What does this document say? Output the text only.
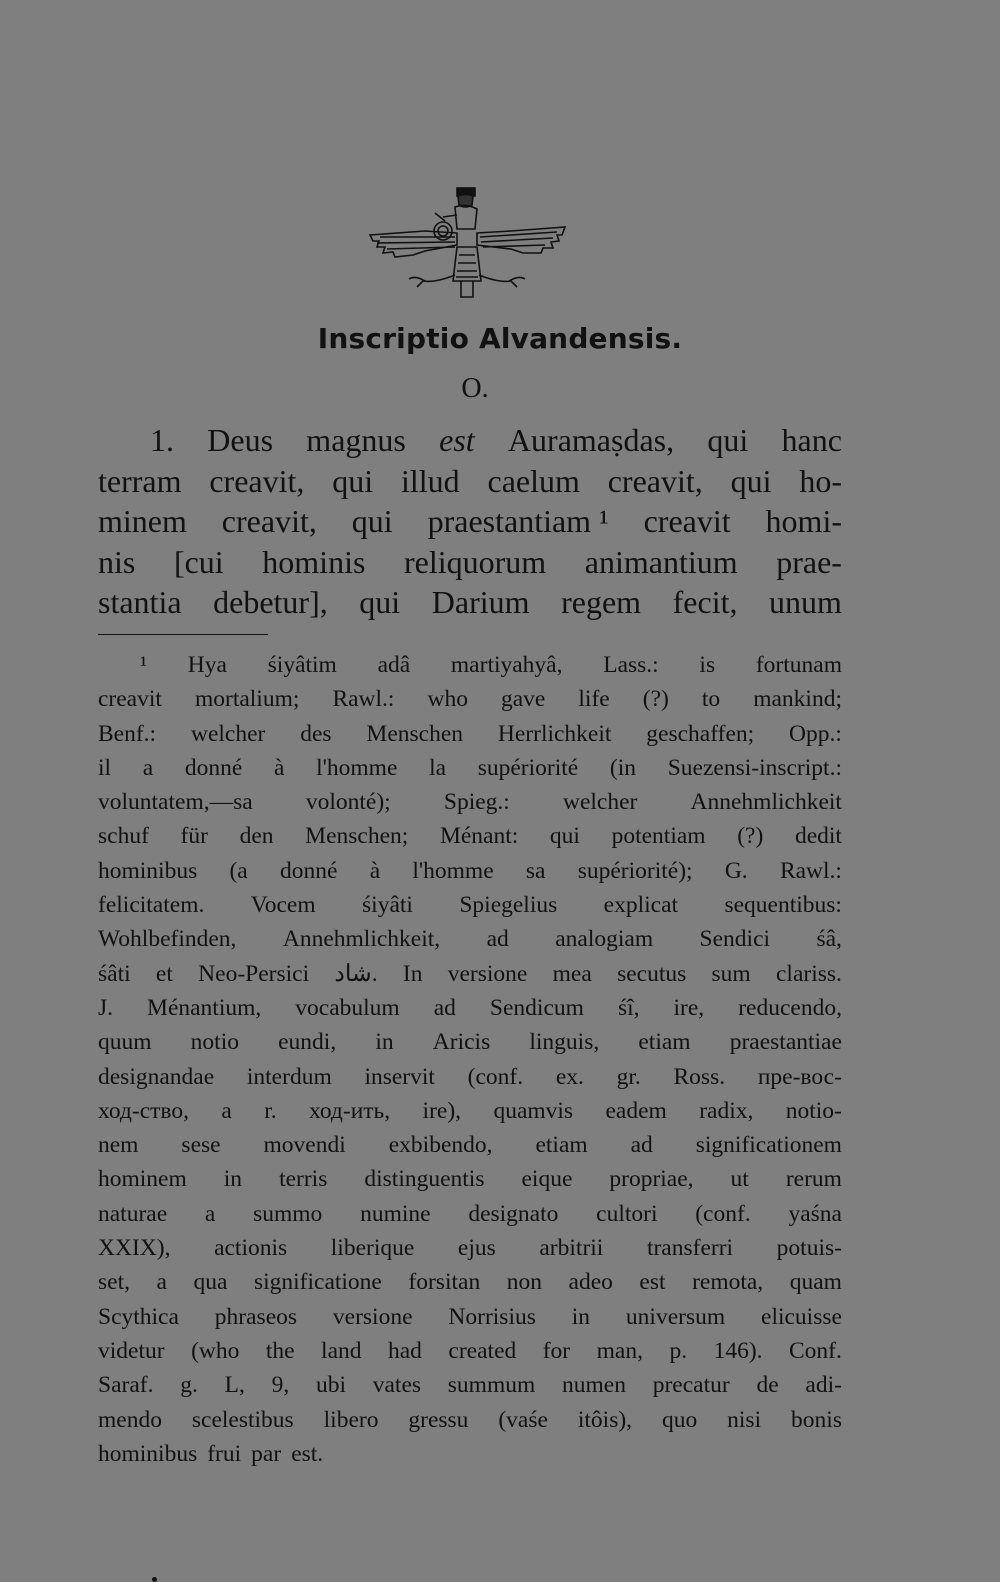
Inscriptio Alvandensis.
O.
1. Deus magnus est Auramaṣdas, qui hanc
terram creavit, qui illud caelum creavit, qui ho-
minem creavit, qui praestantiam ¹ creavit homi-
nis [cui hominis reliquorum animantium prae-
stantia debetur], qui Darium regem fecit, unum
¹ Hya śiyâtim adâ martiyahyâ, Lass.: is fortunam
creavit mortalium; Rawl.: who gave life (?) to mankind;
Benf.: welcher des Menschen Herrlichkeit geschaffen; Opp.:
il a donné à l'homme la supériorité (in Suezensi-inscript.:
voluntatem,—sa volonté); Spieg.: welcher Annehmlichkeit
schuf für den Menschen; Ménant: qui potentiam (?) dedit
hominibus (a donné à l'homme sa supériorité); G. Rawl.:
felicitatem. Vocem śiyâti Spiegelius explicat sequentibus:
Wohlbefinden, Annehmlichkeit, ad analogiam Sendici śâ,
śâti et Neo-Persici شاد. In versione mea secutus sum clariss.
J. Ménantium, vocabulum ad Sendicum śî, ire, reducendo,
quum notio eundi, in Aricis linguis, etiam praestantiae
designandae interdum inservit (conf. ex. gr. Ross. пре-вос-
ход-ство, a r. ход-ить, ire), quamvis eadem radix, notio-
nem sese movendi exbibendo, etiam ad significationem
hominem in terris distinguentis eique propriae, ut rerum
naturae a summo numine designato cultori (conf. yaśna
XXIX), actionis liberique ejus arbitrii transferri potuis-
set, a qua significatione forsitan non adeo est remota, quam
Scythica phraseos versione Norrisius in universum elicuisse
videtur (who the land had created for man, p. 146). Conf.
Saraf. g. L, 9, ubi vates summum numen precatur de adi-
mendo scelestibus libero gressu (vaśe itôis), quo nisi bonis
hominibus frui par est.
